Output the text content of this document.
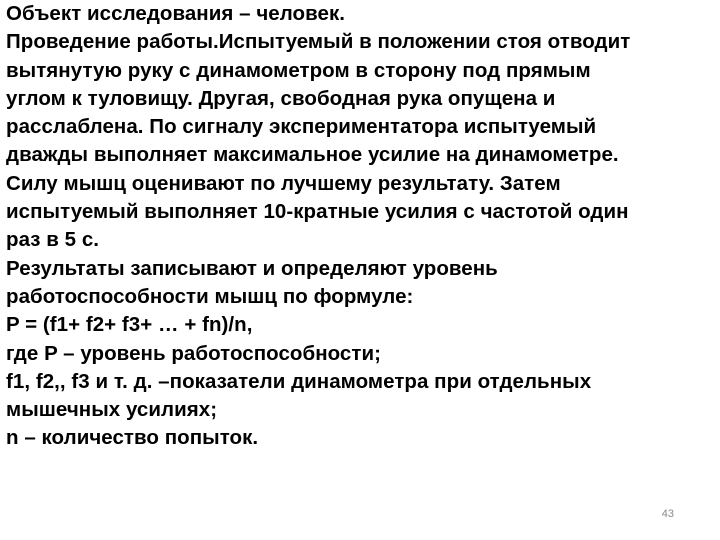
Объект исследования – человек.
Проведение работы.Испытуемый в положении стоя отводит
вытянутую руку с динамометром в сторону под прямым
углом к туловищу. Другая, свободная рука опущена и
расслаблена. По сигналу экспериментатора испытуемый
дважды выполняет максимальное усилие на динамометре.
Силу мышц оценивают по лучшему результату. Затем
испытуемый выполняет 10-кратные усилия с частотой один
раз в 5 с.
Результаты записывают и определяют уровень
работоспособности мышц по формуле:
P = (f1+ f2+ f3+ … + fn)/n,
где P – уровень работоспособности;
f1, f2,, f3 и т. д. –показатели динамометра при отдельных
мышечных усилиях;
n – количество попыток.
43
